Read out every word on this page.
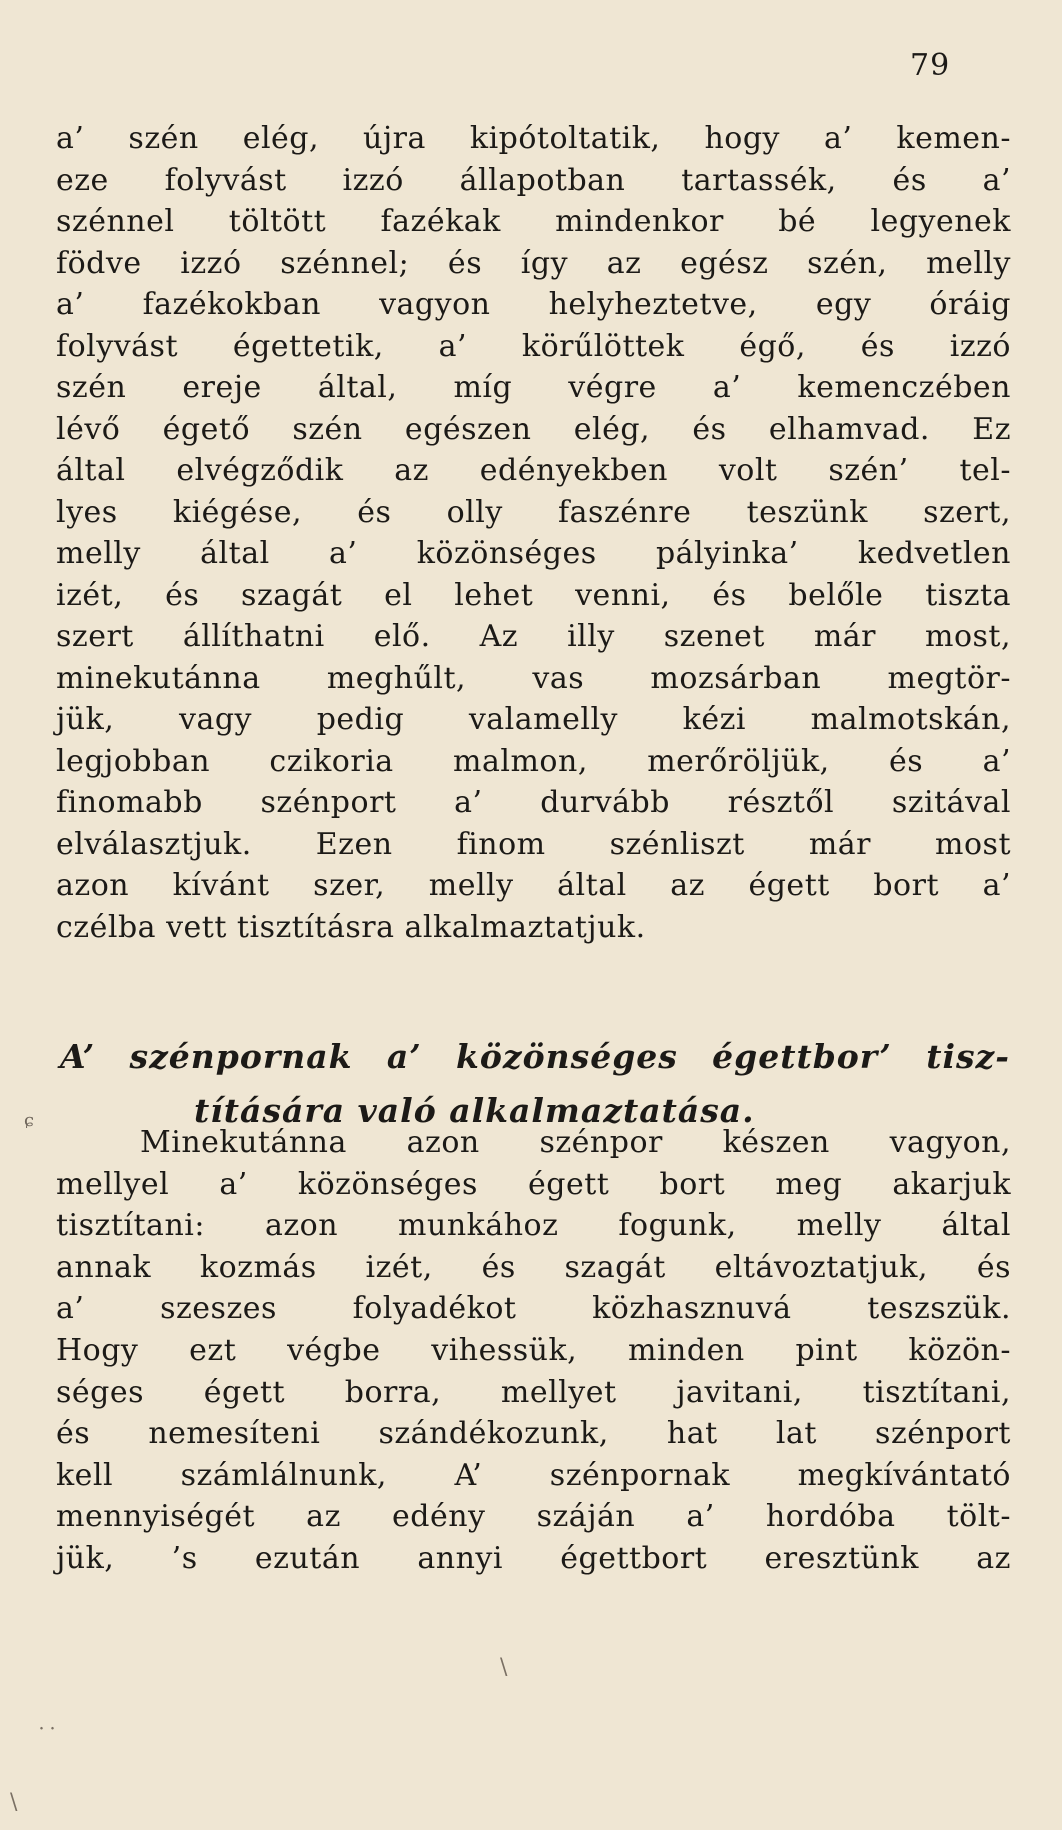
79
a’ szén elég, újra kipótoltatik, hogy a’ kemen-
eze folyvást izzó állapotban tartassék, és a’
szénnel töltött fazékak mindenkor bé legyenek
födve izzó szénnel; és így az egész szén, melly
a’ fazékokban vagyon helyheztetve, egy óráig
folyvást égettetik, a’ körűlöttek égő, és izzó
szén ereje által, míg végre a’ kemenczében
lévő égető szén egészen elég, és elhamvad. Ez
által elvégződik az edényekben volt szén’ tel-
lyes kiégése, és olly faszénre teszünk szert,
melly által a’ közönséges pályinka’ kedvetlen
izét, és szagát el lehet venni, és belőle tiszta
szert állíthatni elő. Az illy szenet már most,
minekutánna meghűlt, vas mozsárban megtör-
jük, vagy pedig valamelly kézi malmotskán,
legjobban czikoria malmon, merőröljük, és a’
finomabb szénport a’ durvább résztől szitával
elválasztjuk. Ezen finom szénliszt már most
azon kívánt szer, melly által az égett bort a’
czélba vett tisztításra alkalmaztatjuk.
A’ szénpornak a’ közönséges égettbor’ tisz-
títására való alkalmaztatása.
ɕ
Minekutánna azon szénpor készen vagyon,
mellyel a’ közönséges égett bort meg akarjuk
tisztítani: azon munkához fogunk, melly által
annak kozmás izét, és szagát eltávoztatjuk, és
a’ szeszes folyadékot közhasznuvá teszszük.
Hogy ezt végbe vihessük, minden pint közön-
séges égett borra, mellyet javitani, tisztítani,
és nemesíteni szándékozunk, hat lat szénport
kell számlálnunk, A’ szénpornak megkívántató
mennyiségét az edény száján a’ hordóba tölt-
jük, ’s ezután annyi égettbort eresztünk az
\
˙˙
\
